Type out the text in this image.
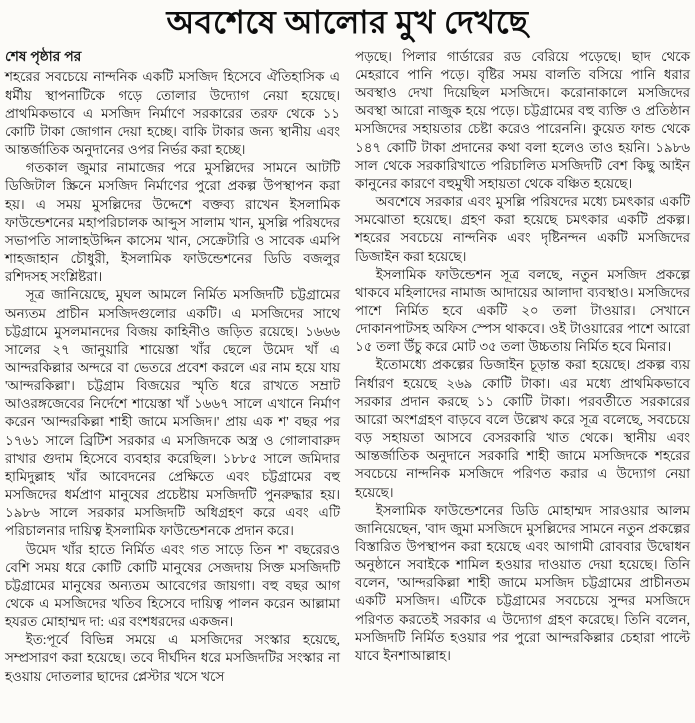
অবশেষে আলোর মুখ দেখছে
শেষ পৃষ্ঠার পর

শহরের সবচেয়ে নান্দনিক একটি মসজিদ হিসেবে ঐতিহাসিক এ ধর্মীয় স্থাপনাটিকে গড়ে তোলার উদ্যোগ নেয়া হয়েছে। প্রাথমিকভাবে এ মসজিদ নির্মাণে সরকারের তরফ থেকে ১১ কোটি টাকা জোগান দেয়া হচ্ছে। বাকি টাকার জন্য স্থানীয় এবং আন্তর্জাতিক অনুদানের ওপর নির্ভর করা হচ্ছে।

গতকাল জুমার নামাজের পরে মুসল্লিদের সামনে আটটি ডিজিটাল স্ক্রিনে মসজিদ নির্মাণের পুরো প্রকল্প উপস্থাপন করা হয়। এ সময় মুসল্লিদের উদ্দেশে বক্তব্য রাখেন ইসলামিক ফাউন্ডেশনের মহাপরিচালক আব্দুস সালাম খান, মুসল্লি পরিষদের সভাপতি সালাহউদ্দিন কাসেম খান, সেক্রেটারি ও সাবেক এমপি শাহজাহান চৌধুরী, ইসলামিক ফাউন্ডেশনের ডিডি বজলুর রশিদসহ সংশ্লিষ্টরা।

সূত্র জানিয়েছে, মুঘল আমলে নির্মিত মসজিদটি চট্টগ্রামের অন্যতম প্রাচীন মসজিদগুলোর একটি। এ মসজিদের সাথে চট্টগ্রামে মুসলমানদের বিজয় কাহিনীও জড়িত রয়েছে। ১৬৬৬ সালের ২৭ জানুয়ারি শায়েস্তা খাঁর ছেলে উমেদ খাঁ এ আন্দরকিল্লার অন্দরে বা ভেতরে প্রবেশ করলে এর নাম হয়ে যায় 'আন্দরকিল্লা'। চট্টগ্রাম বিজয়ের স্মৃতি ধরে রাখতে সম্রাট আওরঙ্গজেবের নির্দেশে শায়েস্তা খাঁ ১৬৬৭ সালে এখানে নির্মাণ করেন 'আন্দরকিল্লা শাহী জামে মসজিদ।' প্রায় এক শ' বছর পর ১৭৬১ সালে ব্রিটিশ সরকার এ মসজিদকে অস্ত্র ও গোলাবারুদ রাখার গুদাম হিসেবে ব্যবহার করেছিল। ১৮৮৫ সালে জমিদার হামিদুল্লাহ খাঁর আবেদনের প্রেক্ষিতে এবং চট্টগ্রামের বহু মসজিদের ধর্মপ্রাণ মানুষের প্রচেষ্টায় মসজিদটি পুনরুদ্ধার হয়। ১৯৮৬ সালে সরকার মসজিদটি অধিগ্রহণ করে এবং এটি পরিচালনার দায়িত্ব ইসলামিক ফাউন্ডেশনকে প্রদান করে।

উমেদ খাঁর হাতে নির্মিত এবং গত সাড়ে তিন শ' বছরেরও বেশি সময় ধরে কোটি কোটি মানুষের সেজদায় সিক্ত মসজিদটি চট্টগ্রামের মানুষের অন্যতম আবেগের জায়গা। বহু বছর আগ থেকে এ মসজিদের খতিব হিসেবে দায়িত্ব পালন করেন আল্লামা হযরত মোহাম্মদ দা: এর বংশধরদের একজন।

ইত:পূর্বে বিভিন্ন সময়ে এ মসজিদের সংস্কার হয়েছে, সম্প্রসারণ করা হয়েছে। তবে দীর্ঘদিন ধরে মসজিদটির সংস্কার না হওয়ায় দোতলার ছাদের প্লেস্টার খসে খসে

পড়ছে। পিলার গার্ডারের রড বেরিয়ে পড়েছে। ছাদ থেকে মেহরাবে পানি পড়ে। বৃষ্টির সময় বালতি বসিয়ে পানি ধরার অবস্থাও দেখা দিয়েছিল মসজিদে। করোনাকালে মসজিদের অবস্থা আরো নাজুক হয়ে পড়ে। চট্টগ্রামের বহু ব্যক্তি ও প্রতিষ্ঠান মসজিদের সহায়তার চেষ্টা করেও পারেননি। কুয়েত ফান্ড থেকে ১৪৭ কোটি টাকা প্রদানের কথা বলা হলেও তাও হয়নি। ১৯৮৬ সাল থেকে সরকারিখাতে পরিচালিত মসজিদটি বেশ কিছু আইন কানুনের কারণে বহুমুখী সহায়তা থেকে বঞ্চিত হয়েছে।

অবশেষে সরকার এবং মুসল্লি পরিষদের মধ্যে চমৎকার একটি সমঝোতা হয়েছে। গ্রহণ করা হয়েছে চমৎকার একটি প্রকল্প। শহরের সবচেয়ে নান্দনিক এবং দৃষ্টিনন্দন একটি মসজিদের ডিজাইন করা হয়েছে।

ইসলামিক ফাউন্ডেশন সূত্র বলছে, নতুন মসজিদ প্রকল্পে থাকবে মহিলাদের নামাজ আদায়ের আলাদা ব্যবস্থাও। মসজিদের পাশে নির্মিত হবে একটি ২০ তলা টাওয়ার। সেখানে দোকানপাটসহ অফিস স্পেস থাকবে। ওই টাওয়ারের পাশে আরো ১৫ তলা উঁচু করে মোট ৩৫ তলা উচ্চতায় নির্মিত হবে মিনার।

ইতোমধ্যে প্রকল্পের ডিজাইন চূড়ান্ত করা হয়েছে। প্রকল্প ব্যয় নির্ধারণ হয়েছে ২৬৯ কোটি টাকা। এর মধ্যে প্রাথমিকভাবে সরকার প্রদান করছে ১১ কোটি টাকা। পরবর্তীতে সরকারের আরো অংশগ্রহণ বাড়বে বলে উল্লেখ করে সূত্র বলেছে, সবচেয়ে বড় সহায়তা আসবে বেসরকারি খাত থেকে। স্থানীয় এবং আন্তর্জাতিক অনুদানে সরকারি শাহী জামে মসজিদকে শহরের সবচেয়ে নান্দনিক মসজিদে পরিণত করার এ উদ্যোগ নেয়া হয়েছে।

ইসলামিক ফাউন্ডেশনের ডিডি মোহাম্মদ সারওয়ার আলম জানিয়েছেন, 'বাদ জুমা মসজিদে মুসল্লিদের সামনে নতুন প্রকল্পের বিস্তারিত উপস্থাপন করা হয়েছে এবং আগামী রোববার উদ্বোধন অনুষ্ঠানে সবাইকে শামিল হওয়ার দাওয়াত দেয়া হয়েছে। তিনি বলেন, 'আন্দরকিল্লা শাহী জামে মসজিদ চট্টগ্রামের প্রাচীনতম একটি মসজিদ। এটিকে চট্টগ্রামের সবচেয়ে সুন্দর মসজিদে পরিণত করতেই সরকার এ উদ্যোগ গ্রহণ করেছে। তিনি বলেন, মসজিদটি নির্মিত হওয়ার পর পুরো আন্দরকিল্লার চেহারা পাল্টে যাবে ইনশাআল্লাহ।
